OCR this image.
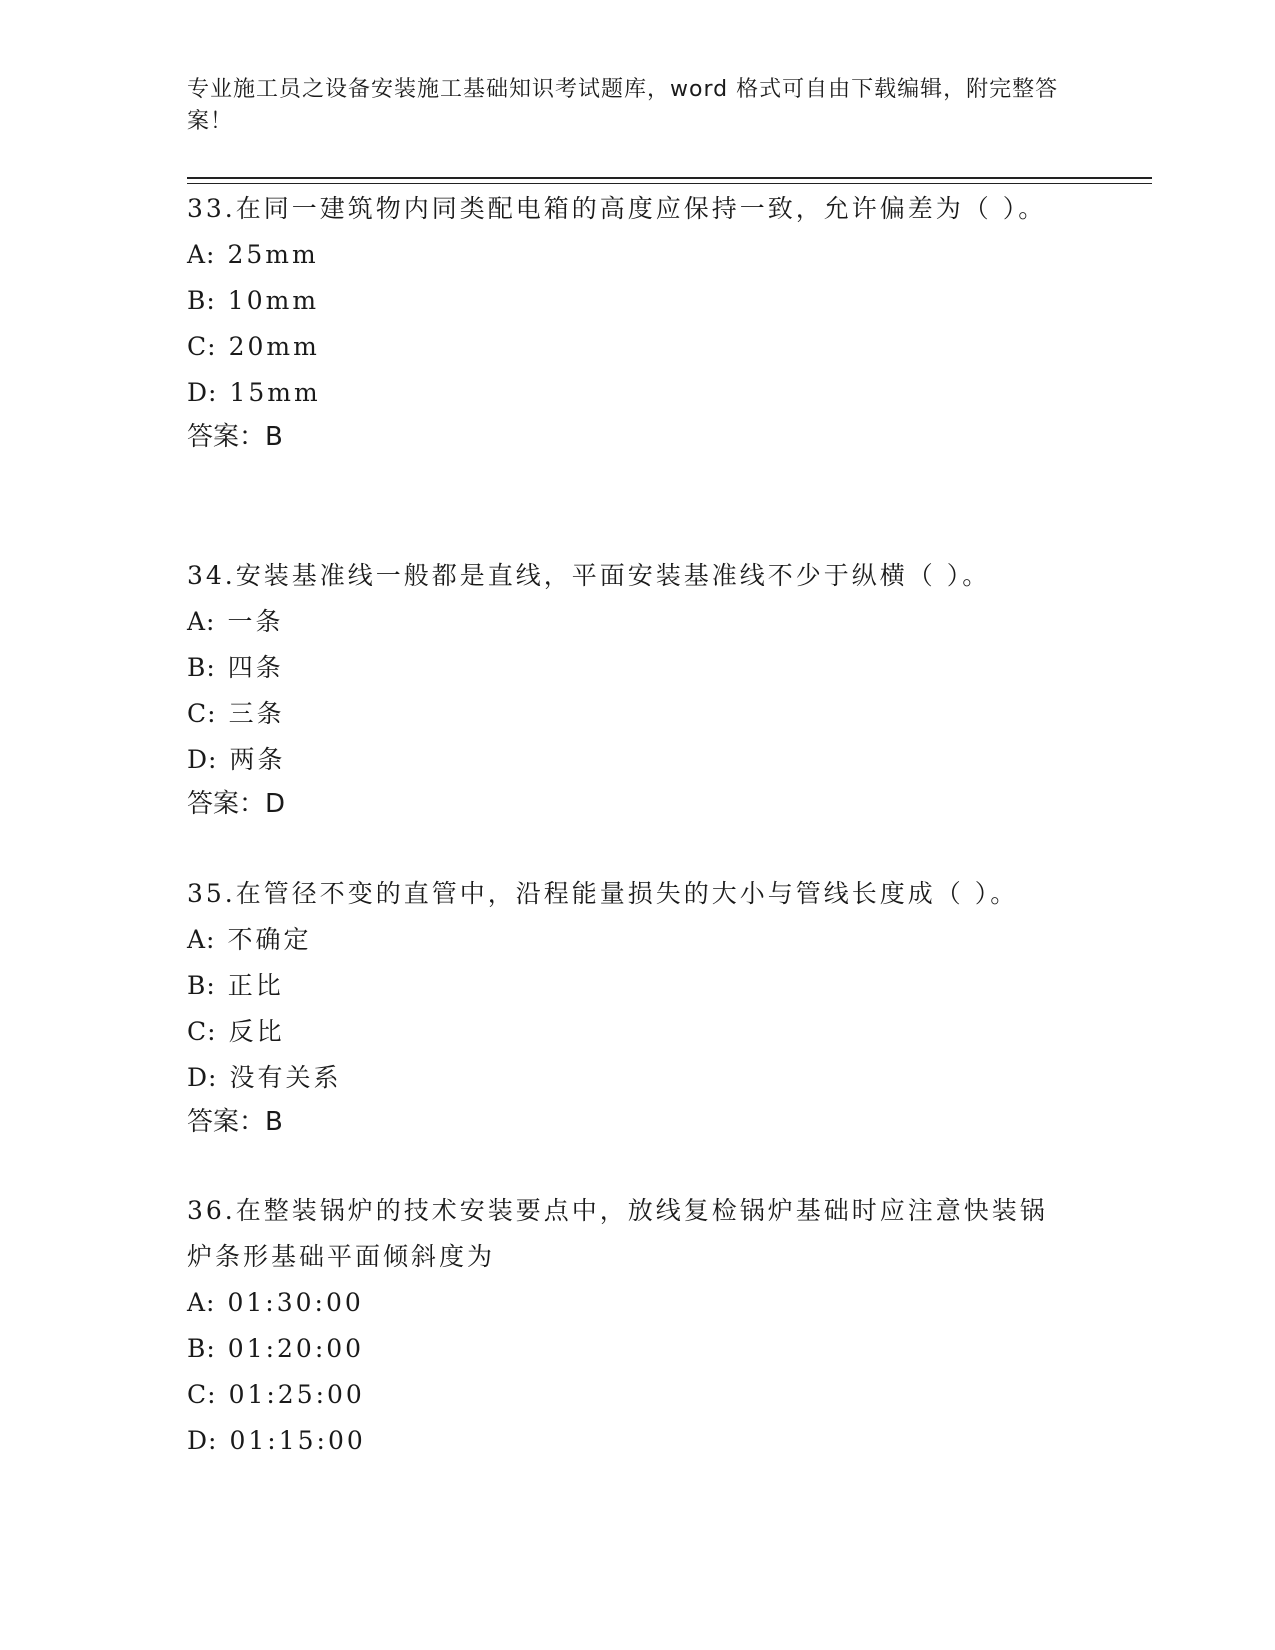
专业施工员之设备安装施工基础知识考试题库，word 格式可自由下载编辑，附完整答案！

33.在同一建筑物内同类配电箱的高度应保持一致，允许偏差为（ ）。

A: 25mm
B: 10mm
C: 20mm
D: 15mm
答案：B

34.安装基准线一般都是直线，平面安装基准线不少于纵横（ ）。

A: 一条
B: 四条
C: 三条
D: 两条
答案：D

35.在管径不变的直管中，沿程能量损失的大小与管线长度成（ ）。

A: 不确定
B: 正比
C: 反比
D: 没有关系
答案：B

36.在整装锅炉的技术安装要点中，放线复检锅炉基础时应注意快装锅炉条形基础平面倾斜度为

A: 01:30:00
B: 01:20:00
C: 01:25:00
D: 01:15:00
